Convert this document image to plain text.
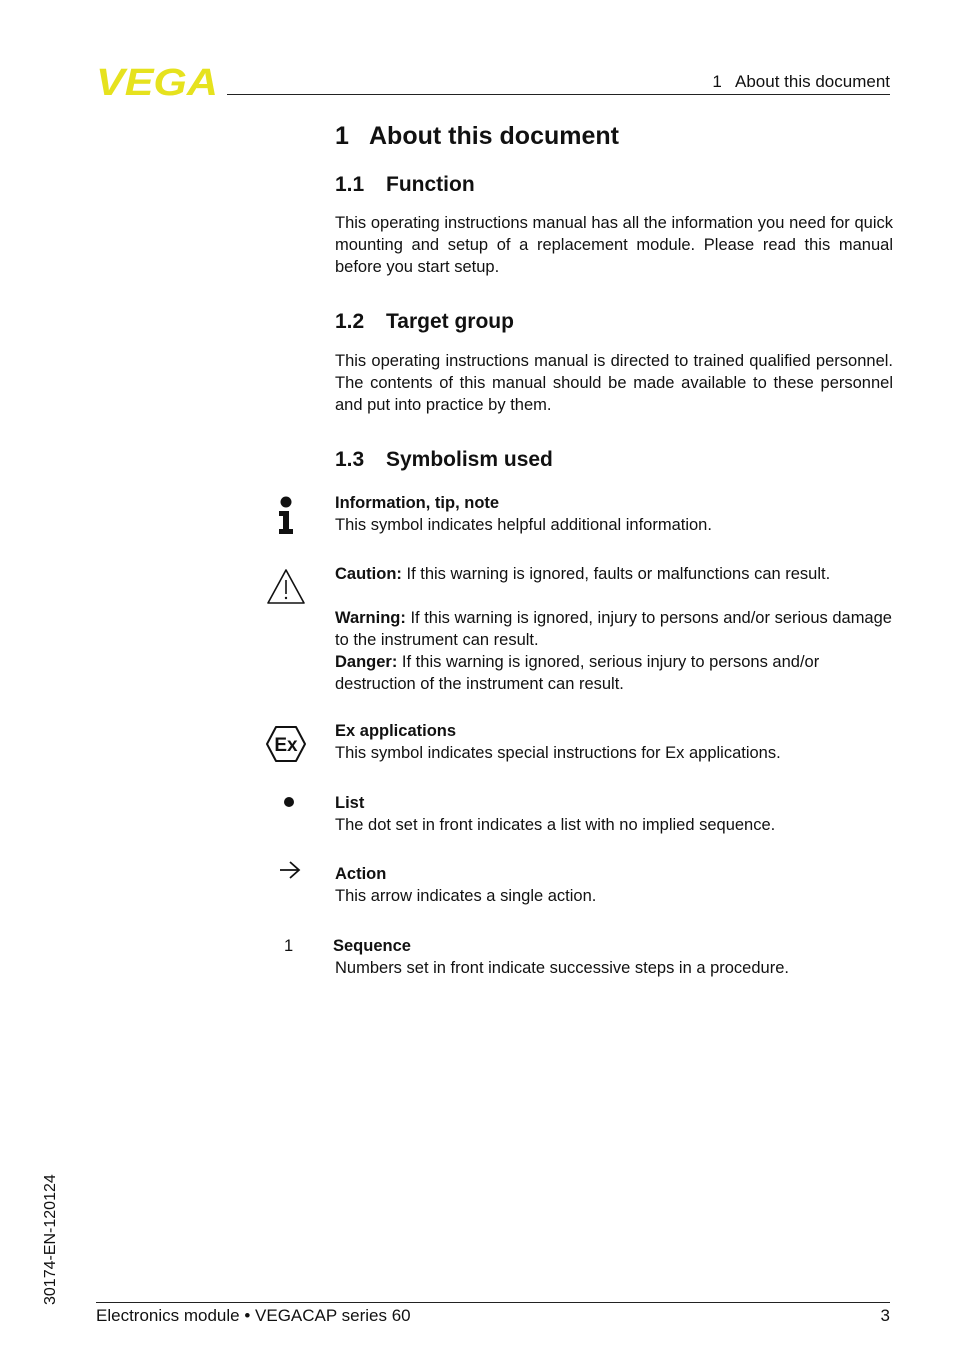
VEGA	1   About this document
1 About this document
1.1 Function
This operating instructions manual has all the information you need for quick mounting and setup of a replacement module. Please read this manual before you start setup.
1.2 Target group
This operating instructions manual is directed to trained qualified personnel. The contents of this manual should be made available to these personnel and put into practice by them.
1.3 Symbolism used
Information, tip, note
This symbol indicates helpful additional information.
Caution: If this warning is ignored, faults or malfunctions can result.
Warning: If this warning is ignored, injury to persons and/or serious damage to the instrument can result.
Danger: If this warning is ignored, serious injury to persons and/or destruction of the instrument can result.
Ex
Ex applications
This symbol indicates special instructions for Ex applications.
List
The dot set in front indicates a list with no implied sequence.
Action
This arrow indicates a single action.
1 Sequence
Numbers set in front indicate successive steps in a procedure.
30174-EN-120124
Electronics module • VEGACAP series 60	3
